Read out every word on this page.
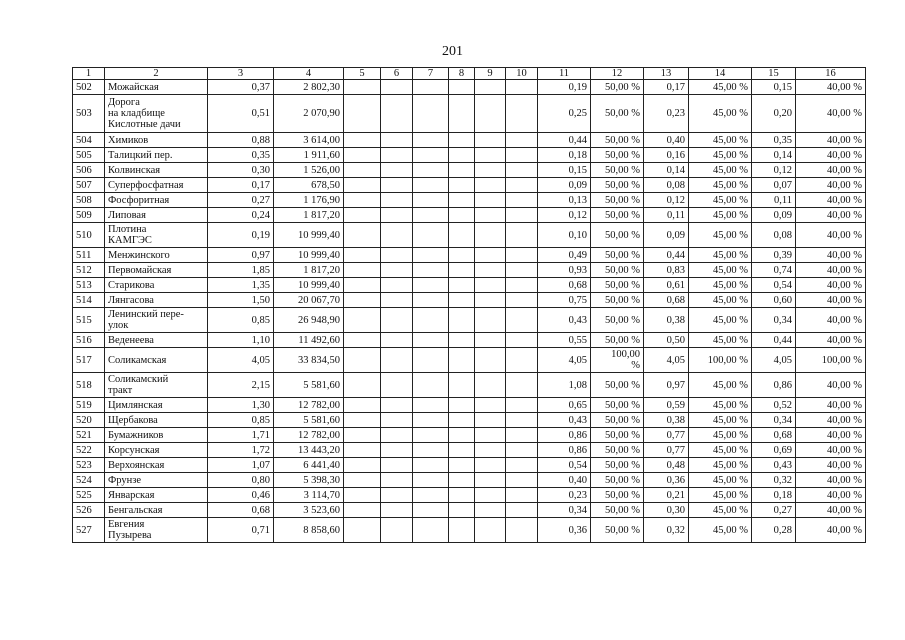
201
1	2	3	4	5	6	7	8	9	10	11	12	13	14	15	16
502	Можайская	0,37	2 802,30							0,19	50,00 %	0,17	45,00 %	0,15	40,00 %
503	Дорога
на кладбище
Кислотные дачи	0,51	2 070,90							0,25	50,00 %	0,23	45,00 %	0,20	40,00 %
504	Химиков	0,88	3 614,00							0,44	50,00 %	0,40	45,00 %	0,35	40,00 %
505	Талицкий пер.	0,35	1 911,60							0,18	50,00 %	0,16	45,00 %	0,14	40,00 %
506	Колвинская	0,30	1 526,00							0,15	50,00 %	0,14	45,00 %	0,12	40,00 %
507	Суперфосфатная	0,17	678,50							0,09	50,00 %	0,08	45,00 %	0,07	40,00 %
508	Фосфоритная	0,27	1 176,90							0,13	50,00 %	0,12	45,00 %	0,11	40,00 %
509	Липовая	0,24	1 817,20							0,12	50,00 %	0,11	45,00 %	0,09	40,00 %
510	Плотина
КАМГЭС	0,19	10 999,40							0,10	50,00 %	0,09	45,00 %	0,08	40,00 %
511	Менжинского	0,97	10 999,40							0,49	50,00 %	0,44	45,00 %	0,39	40,00 %
512	Первомайская	1,85	1 817,20							0,93	50,00 %	0,83	45,00 %	0,74	40,00 %
513	Старикова	1,35	10 999,40							0,68	50,00 %	0,61	45,00 %	0,54	40,00 %
514	Лянгасова	1,50	20 067,70							0,75	50,00 %	0,68	45,00 %	0,60	40,00 %
515	Ленинский пере-
улок	0,85	26 948,90							0,43	50,00 %	0,38	45,00 %	0,34	40,00 %
516	Веденеева	1,10	11 492,60							0,55	50,00 %	0,50	45,00 %	0,44	40,00 %
517	Соликамская	4,05	33 834,50							4,05	100,00
%	4,05	100,00 %	4,05	100,00 %
518	Соликамский
тракт	2,15	5 581,60							1,08	50,00 %	0,97	45,00 %	0,86	40,00 %
519	Цимлянская	1,30	12 782,00							0,65	50,00 %	0,59	45,00 %	0,52	40,00 %
520	Щербакова	0,85	5 581,60							0,43	50,00 %	0,38	45,00 %	0,34	40,00 %
521	Бумажников	1,71	12 782,00							0,86	50,00 %	0,77	45,00 %	0,68	40,00 %
522	Корсунская	1,72	13 443,20							0,86	50,00 %	0,77	45,00 %	0,69	40,00 %
523	Верхоянская	1,07	6 441,40							0,54	50,00 %	0,48	45,00 %	0,43	40,00 %
524	Фрунзе	0,80	5 398,30							0,40	50,00 %	0,36	45,00 %	0,32	40,00 %
525	Январская	0,46	3 114,70							0,23	50,00 %	0,21	45,00 %	0,18	40,00 %
526	Бенгальская	0,68	3 523,60							0,34	50,00 %	0,30	45,00 %	0,27	40,00 %
527	Евгения
Пузырева	0,71	8 858,60							0,36	50,00 %	0,32	45,00 %	0,28	40,00 %
